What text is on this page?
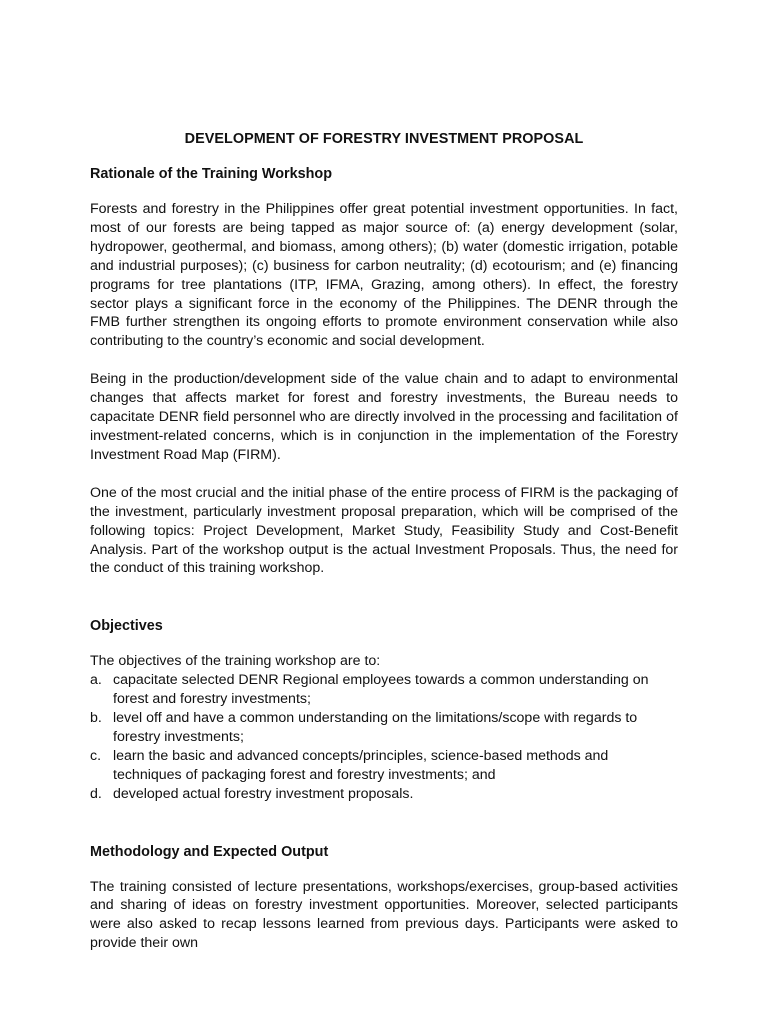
DEVELOPMENT OF FORESTRY INVESTMENT PROPOSAL
Rationale of the Training Workshop

Forests and forestry in the Philippines offer great potential investment opportunities. In fact, most of our forests are being tapped as major source of: (a) energy development (solar, hydropower, geothermal, and biomass, among others); (b) water (domestic irrigation, potable and industrial purposes); (c) business for carbon neutrality; (d) ecotourism; and (e) financing programs for tree plantations (ITP, IFMA, Grazing, among others). In effect, the forestry sector plays a significant force in the economy of the Philippines. The DENR through the FMB further strengthen its ongoing efforts to promote environment conservation while also contributing to the country’s economic and social development.

Being in the production/development side of the value chain and to adapt to environmental changes that affects market for forest and forestry investments, the Bureau needs to capacitate DENR field personnel who are directly involved in the processing and facilitation of investment-related concerns, which is in conjunction in the implementation of the Forestry Investment Road Map (FIRM).

One of the most crucial and the initial phase of the entire process of FIRM is the packaging of the investment, particularly investment proposal preparation, which will be comprised of the following topics: Project Development, Market Study, Feasibility Study and Cost-Benefit Analysis. Part of the workshop output is the actual Investment Proposals. Thus, the need for the conduct of this training workshop.

Objectives

The objectives of the training workshop are to:

a. capacitate selected DENR Regional employees towards a common understanding on forest and forestry investments;
b. level off and have a common understanding on the limitations/scope with regards to forestry investments;
c. learn the basic and advanced concepts/principles, science-based methods and techniques of packaging forest and forestry investments; and
d. developed actual forestry investment proposals.
Methodology and Expected Output

The training consisted of lecture presentations, workshops/exercises, group-based activities and sharing of ideas on forestry investment opportunities. Moreover, selected participants were also asked to recap lessons learned from previous days. Participants were asked to provide their own
